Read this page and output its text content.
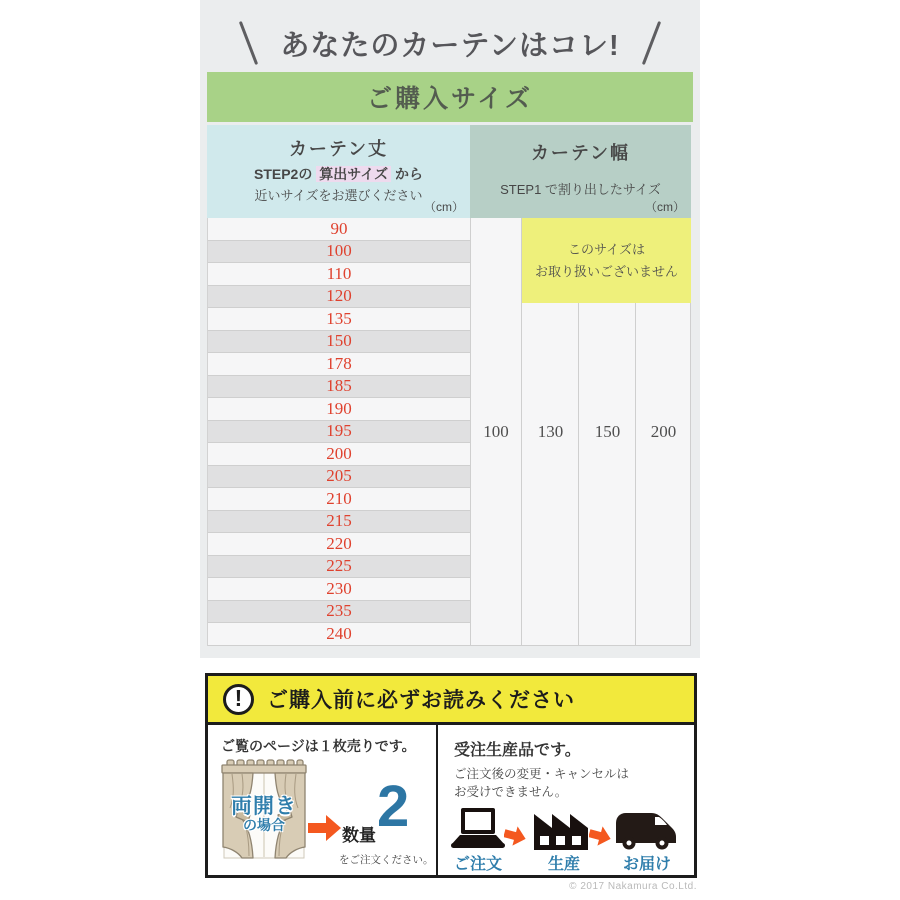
あなたのカーテンはコレ!
ご購入サイズ
カーテン丈
STEP2の 算出サイズ から
近いサイズをお選びください
（cm）
カーテン幅
STEP1 で割り出したサイズ
（cm）
90
100
110
120
135
150
178
185
190
195
200
205
210
215
220
225
230
235
240
このサイズは
お取り扱いございません
100	130	150	200
!	ご購入前に必ずお読みください
ご覧のページは１枚売りです。
両開き
の場合
数量 2
をご注文ください。
受注生産品です。
ご注文後の変更・キャンセルは
お受けできません。
ご注文	生産	お届け
© 2017 Nakamura Co.Ltd.
